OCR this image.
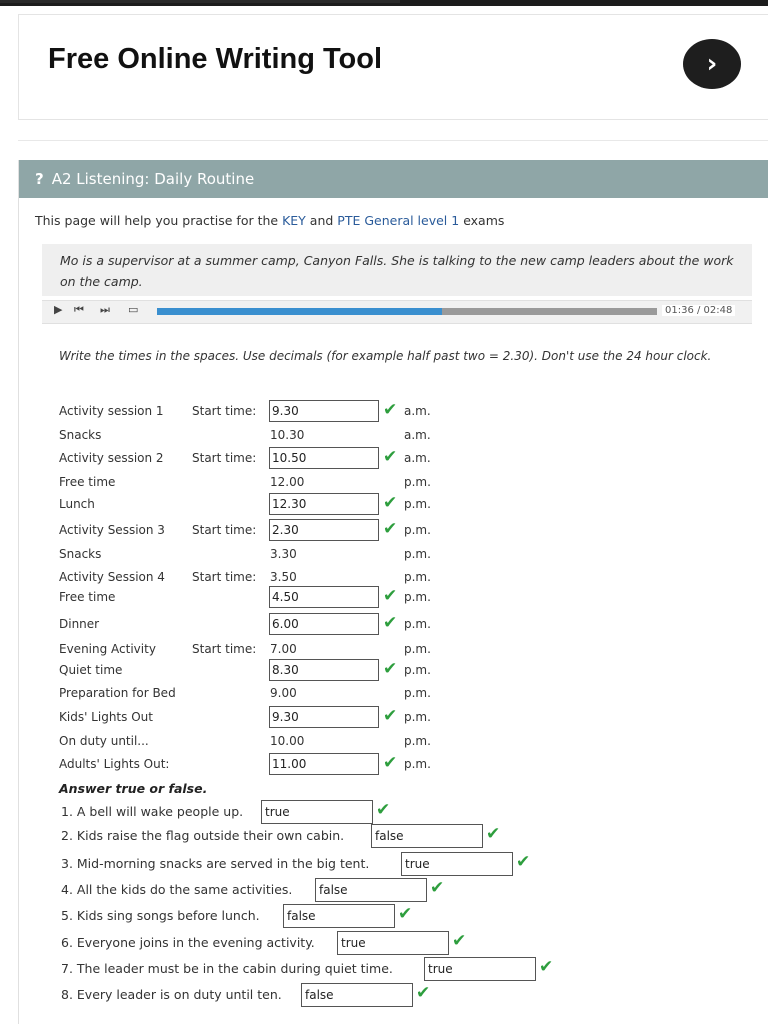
Free Online Writing Tool	›
? A2 Listening: Daily Routine
This page will help you practise for the KEY and PTE General level 1 exams

Mo is a supervisor at a summer camp, Canyon Falls. She is talking to the new camp leaders about the work on the camp.

▶ ⏮ ⏭ ▭	01:36 / 02:48
Write the times in the spaces. Use decimals (for example half past two = 2.30). Don't use the 24 hour clock.
Activity session 1 Start time: 9.30	✔ a.m.
Snacks	10.30	a.m.
Activity session 2 Start time: 10.50	✔ a.m.
Free time	12.00	p.m.
Lunch	12.30	✔ p.m.
Activity Session 3 Start time: 2.30	✔ p.m.
Snacks	3.30	p.m.
Activity Session 4 Start time: 3.50	p.m.
Free time	4.50	✔ p.m.
Dinner	6.00	✔ p.m.
Evening Activity	Start time: 7.00	p.m.
Quiet time	8.30	✔ p.m.
Preparation for Bed	9.00	p.m.
Kids' Lights Out	9.30	✔ p.m.
On duty until...	10.00	p.m.
Adults' Lights Out:	11.00	✔ p.m.
Answer true or false.
1. A bell will wake people up.	true	✔
2. Kids raise the flag outside their own cabin.	false	✔
3. Mid-morning snacks are served in the big tent.	true	✔
4. All the kids do the same activities.	false	✔
5. Kids sing songs before lunch.	false	✔
6. Everyone joins in the evening activity.	true	✔
7. The leader must be in the cabin during quiet time.	true	✔
8. Every leader is on duty until ten.	false	✔
